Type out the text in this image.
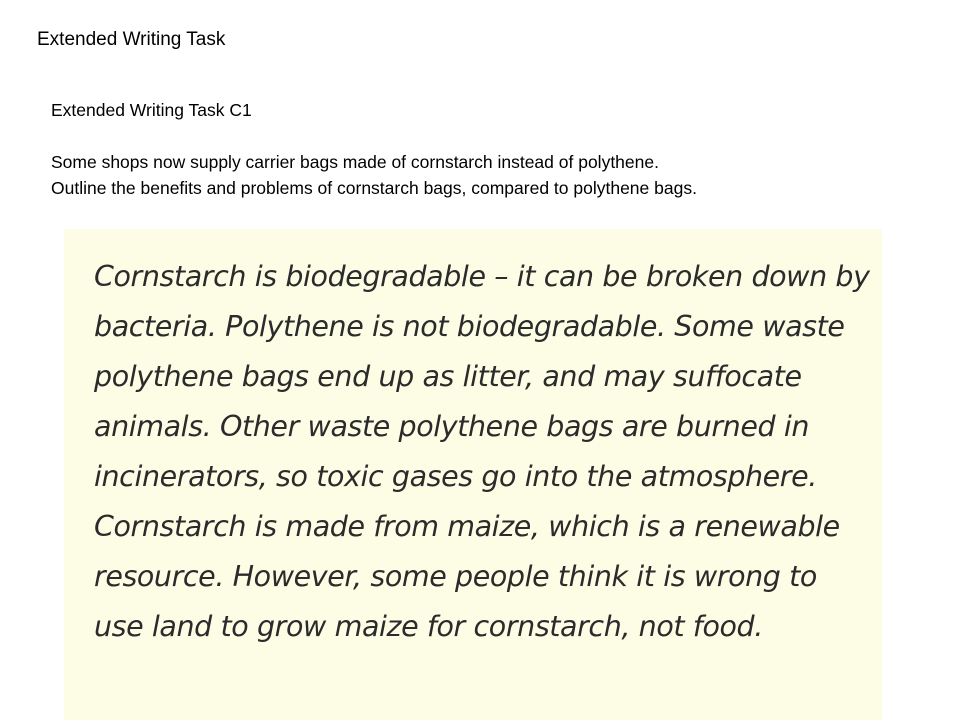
Extended Writing Task

Extended Writing Task C1

Some shops now supply carrier bags made of cornstarch instead of polythene.

Outline the benefits and problems of cornstarch bags, compared to polythene bags.

Cornstarch is biodegradable – it can be broken down by bacteria. Polythene is not biodegradable. Some waste polythene bags end up as litter, and may suffocate animals. Other waste polythene bags are burned in incinerators, so toxic gases go into the atmosphere.

Cornstarch is made from maize, which is a renewable resource. However, some people think it is wrong to use land to grow maize for cornstarch, not food.
